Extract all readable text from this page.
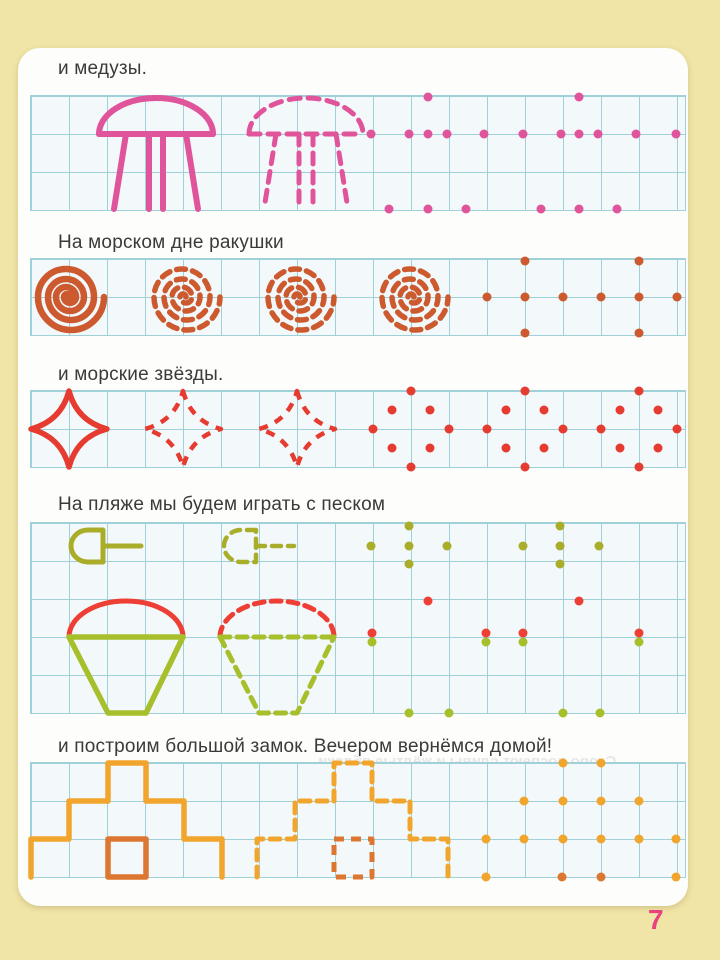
и медузы.
На морском дне ракушки
и морские звёзды.
На пляже мы будем играть с песком
и построим большой замок. Вечером вернёмся домой!
7
